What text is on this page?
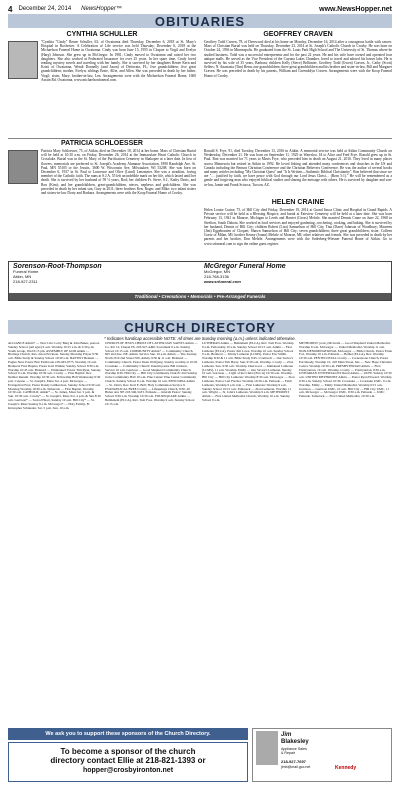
4 December 24, 2014 NewsHopper™	www.NewsHopper.net
OBITUARIES
CYNTHIA SCHULLER
"Cynthia "Cindy" Renee Schuller, 63, of Owatonna died Thursday, December 6, 2018 at St. Mary's Hospital in Rochester. A Celebration of Life service was held Thursday, December 6, 2018 at the Michaelson Funeral Home in Owatonna. Cindy was born June 15, 1955 in Cloquet to Virgil and Evelyn (Harp) Johnson. She grew up in McGregor. In 1981, Cindy moved to Owatonna and raised her two daughters. She also worked at Federated Insurance for over 25 years. In her spare time, Cindy loved reading mystery novels and traveling with her family. She is survived by her daughters Renee Kern and Kristi of Owatonna, Wendi Donnelly (and Jason) of Deforrata, FL; five grandchildren; five great grandchildren; mother, Evelyn; siblings Ernie, Alfie, and Allen. She was preceded in death by her father, Virgil; sister, Mary; brother-in-law, Len. Arrangements were with the Michaelson Funeral Home, 1600 Austin Rd, Owatonna, www.michaelsonfuneral.com.
GEOFFREY CRAVEN
Geoffrey Todd Craven, 78, of Deerwood died at his home on Monday, December 16, 2014 after a courageous battle with cancer. Mass of Christian Burial was held on Thursday, December 23, 2014 at St. Joseph's Catholic Church in Crosby. He was born on October 24, 1936 in Minneapolis. He graduated from the St. Louis Park High School and The University of St. Thomas where he studied business. Todd was a successful entrepreneur and for the past 22 years. He and his wife have owned and operated four antique malls. He served as the Vice President of the Cuyuna Lakes Chamber, loved to travel and adored his basset labs. He is survived by his wife of 35 years, Barbara; children Kelly (Steve) Bellimier, Geoffrey Todd (Gwen) Craven, Jr., Cathy (Scott) Sellers; N. Anastasia (Tim) Benn; one grandchildren; three great grandchildren and his brother and sister-in-law, Bill and Margaret Craven. He was preceded in death by his parents, William and Gwendolyn Craven. Arrangements were with the Koop Funeral Home of Crosby.
PATRICIA SCHLOESSER
Patricia Mary Schloesser, 75, of Aitkin, died on December 18, 2014 at her home. Mass of Christian Burial will be held at 10:30 a.m. on Friday, December 26, 2014 at the Immaculate Heart Catholic Church in Crosslake. Burial was in the St. Mary of the Purification Cemetery in Shakopee at a later date. In lieu of flowers, memorials are preferred to St. Joseph's Academy Alumnae Association, 1890 Randolph Ave. St. Paul, MN 55105 or the Jesuits, 3600 W. Wisconsin Ave, Milwaukee, WI 53208. She was born on December 6, 1937 in St. Paul to Lawrence and Olive (Lund) Lenzmeier. She was a steadfast, loving member of the Catholic faith. The nuns at S.J.A. 55 left an indelible mark on her life, which lasted until her death. She is survived by her husband of 59 ½ years, Rod; her children Fr. Steve, S.J., Kathy Davis, and Ron (Kim); and her grandchildren, great-grandchildren, nieces, nephews and godchildren. She was preceded in death by her infant son, Gary in 2011; three brothers Ken, Roger, and Mike; two infant sisters and sisters-in-law Dorty and Barbara. Arrangements were with the Koop Funeral Home of Crosby.
Ronald S. Frye, 91, died Tuesday, December 13, 2016 in Aitkin. A memorial service was held at Aitkin Community Church on Wednesday, December 21. He was born on September 11, 1925 in Waterloo, IA to Alice and Fred Frye. Ronald grew up in St. Paul. Ron was married for 71 years to Mavis Frye, who preceded him in death on August 21, 2016. They lived in many places across Minnesota but retired in Aitkin in 1992. He loved fishing and attended many conferences and churches in the US and Canada including the Benson Christian Conference and the Christian Believers Conference. He was the author of several books and many articles including "My Christian Quest" and "It Is Written—Authentic Biblical Christianity". Ron believed that since we are "… justified by faith, we have peace with God through our Lord Jesus Christ… (Rom 5:1)." He will be remembered as a gentle and forgiving man who enjoyed biblical studies and sharing the message with others. He is survived by daughter and son-in-law, Jamie and Frank Sciacca, Tucson, AZ.
HELEN CRAINE
Helen Louise Craine, 75, of Hill City died Friday, December 19, 2014 at Grand Itasca Clinic and Hospital in Grand Rapids. A Private service will be held at a Blessing Hospice, and burial at Fairview Cemetery will be held at a later date. She was born February 13, 1941 in Monroe, Michigan to Leeds and Harriet (Gross) Mehrle. She married Dennis Crane on June 22, 1968 in Steelton, South Dakota. She worked in food services and enjoyed gardening, crocheting, cooking, and baking. She is survived by her husband, Dennis of Hill City; children Robert (Lisa) Samuelson of Hill City, Tina (Dave) Johnson of Woodbury; Maureen (Jim) Eggebraaten of Cloquet; Shawn Samuelson of Hill City; seven grandchildren; three great grandchildren; sister, Colleen Goetz of Milan, MI; brother Kenny (Joann) Mehrle of Monroe, MI; other relatives and friends. She was preceded in death by her parents and her brother, Don Mehrle. Arrangements were with the Soderberg-Wiesner Funeral Home of Aitkin. Go to www.srfuneral.com to sign the online guest register.
Sorenson-Root-Thompson
Funeral Home
Aitkin, MN
218-927-2311
McGregor Funeral Home
McGregor, MN
218-768-3136
www.srfuneral.com
Traditional • Cremations • Memorials • Pre-Arranged Funerals
CHURCH DIRECTORY
* Indicates handicap accessible NOTE: All times are Sunday morning (a.m.) unless indicated otherwise.
ALLIANCE Aitkin* — New Life: Larry Burg & John Beker, pastors. Sunday School (All ages) 9 a.m. Worship 10:15 a.m. & 5:30 p.m. Youth Group, Wed 6:15 pm. ASSEMBLY OF GOD Aitkin — Heritage Church, Rev. Jason Erickson. Sunday Morning Prayer 9:30 a.m. Bible Study & Sunday School 10:30 a.m. BAPTIST Bennett — Eagles Nest, Pastor Bob Estabrook 218-463-9775. Worship 10 a.m. Brainerd: First Baptist, Pastor Karl Winkle; Sunday School 9:30 a.m. Worship 10:45 a.m. Brainerd — Emmanuel: Pastor Tim Ryan. Sunday School 9 a.m. Worship 10:30 a.m. Crosby — First Baptist: Rev. Delmar Ranum. Worship 10:30 a.m. Fellowship Hall Wednesday 6:30 p.m. Cuyuna — St. Joseph's, Mass Sat. 4 p.m. McGregor — Evangelical Free: Pastor Randy Lambertson. Sunday School 9:30 a.m. Morning Worship 10:30 a.m. Tamarack — First Baptist, Worship 10:30 a.m. CATHOLIC Aitkin* — St. James, Mass Sat. 5 p.m. & Sun. 10:30 a.m. Crosby* — St. Joseph's, Mass Sat. 4 p.m. & Sun 8:30 a.m. Garrison* — Sacred Heart, Sunday 10 a.m. Hill City* — St. Joseph's: Mass Sunday 8 a.m. McGregor* — Holy Family, Fr. Kristopher Schnieder, Sat. 5 p.m. Sun. 10 a.m.
CHURCH OF JESUS CHRIST OF LATTER DAY SAINTS Aitkin — Co. Rd. 12, Chapel Ph. 218-927-4490. Sacrament 9 a.m. Sunday School 10:15 a.m. COMMUNITY Aitkin* — Community Church, 605 2nd Ave. NE, Aitkin. Service Sun. 10 a.m. Aitkin — The Journey North: 810 2nd Street NW, Aitkin. 9:30 & 11 a.m. Brainerd — Community Church. Pastor Dean Wolfgang. Sunday worship at 10:45. Crosslake — Community Church: Interim pastor Bill Johnson. Service 10 a.m. Garrison — Good Shepherd Community Church. Worship 9:30. Hill City — Hill City Community Church: 2nd Sunday in the Community Hall 10 a.m. Pine Center: Pine Center Community Church. Sunday School 9 a.m. Worship 10 a.m. EPISCOPAL Aitkin — St. John's, Rev. Karl E. Bell; Holy Communion Service 9. EVANGELICAL FREE Crosby — Lifesprings Church, 8:30, 20 Huber Ave NE 218-546-5433. Palisade — Interim Pastor: Sunday School 9:30 a.m. Worship 10:30 a.m. FOURSQUARE Aitkin — Bethlehem (ELCA), Rev. Tom Foss. Worship 9 a.m. Sunday School 10:15 a.m.
LUTHERAN Aitkin — Bethlehem (ELCA), Rev. Tom Foss. Worship 9 a.m. Fellowship 10 a.m. Sunday School 10:15 a.m. Aitkin — First Lutheran (ELCA), Pastor Jim Lowe. Worship 10 a.m. Sunday School 9 a.m. Brainerd — Trinity Lutheran (LCMS), Pastor Eric Smith. Worship 8:30 & 11 a.m. Bible Study 9:45. Cromwell — Our Savior's Lutheran, Pastor Tim Harry. Sun. 9:30 a.m. Worship. Crosby — Zion Lutheran. Sun. 9:30 a.m. Worship. Deerwood — Immanuel Lutheran (LCMS), 11 a.m. Worship. Emily — Our Savior's Lutheran, Sunday 10 a.m. Garrison — Light of the Christ (ELCA) 10:30 a.m. Worship. Hill City — Hill City Lutheran: Worship 8:30 a.m. McGregor — Zion Lutheran. Pastor Carl Fischer. Worship 10:30 a.m. Palisade — Faith Lutheran, Worship 9 a.m. Isle — First Lutheran: Worship 9 a.m. Sunday School 10:15 a.m. Tamarack — Zion Lutheran. Worship 11 a.m. Wright — St. John's Lutheran, Worship 9 a.m. METHODIST Aitkin — First United Methodist Church, Worship 10 a.m. Sunday School 9 a.m.
METHODIST (cont.) McGrath — Good Shepherd United Methodist, Worship 9 a.m. McGregor — United Methodist, Worship 11 a.m. NON-DENOMINATIONAL McGregor — Bible Church, Pastor Ernie Fox. Worship 10 a.m. Palisade — Bethel (ELCA), Rev. Worship 10:30 a.m. PENTECOSTAL Crosby — Cornerstone Church, Pastor Earl Ready. Worship 10, 418 Main Street. Isle — New Hope Christian Center. Worship 10:30 a.m. PRESBYTERIAN Aitkin — First Presbyterian, 10 a.m. Worship. Crosby — Presbyterian, 9:30 a.m. UNITARIAN UNIVERSALIST Rural Aitkin — UUFP, Sunday 10:30 a.m. UNITED METHODIST Aitkin — Pastor Ryan Howard. Worship 9:30 a.m. Sunday School 10:30. Crosslake — Crosslake UMC, 9 a.m. Worship. Emily — Emily United Methodist, Worship 9:15 a.m. Garrison — Garrison UMC, 10 a.m. Hill City — Hill City UMC, 11 a.m. McGregor — McGregor UMC, 9:30 a.m. Palisade — UMC Palisade. Tamarack — First United Methodist, 10:30 a.m.
We ask you to support these sponsors of the Church Directory.
To become a sponsor of the church
directory contact Ellie at 218-821-1393 or
hopper@crosbyironton.net
Jim
Blakesley
Appliance Sales
& Repair
218-927-7697
jimb@mail.gcc.net	Kennedy
